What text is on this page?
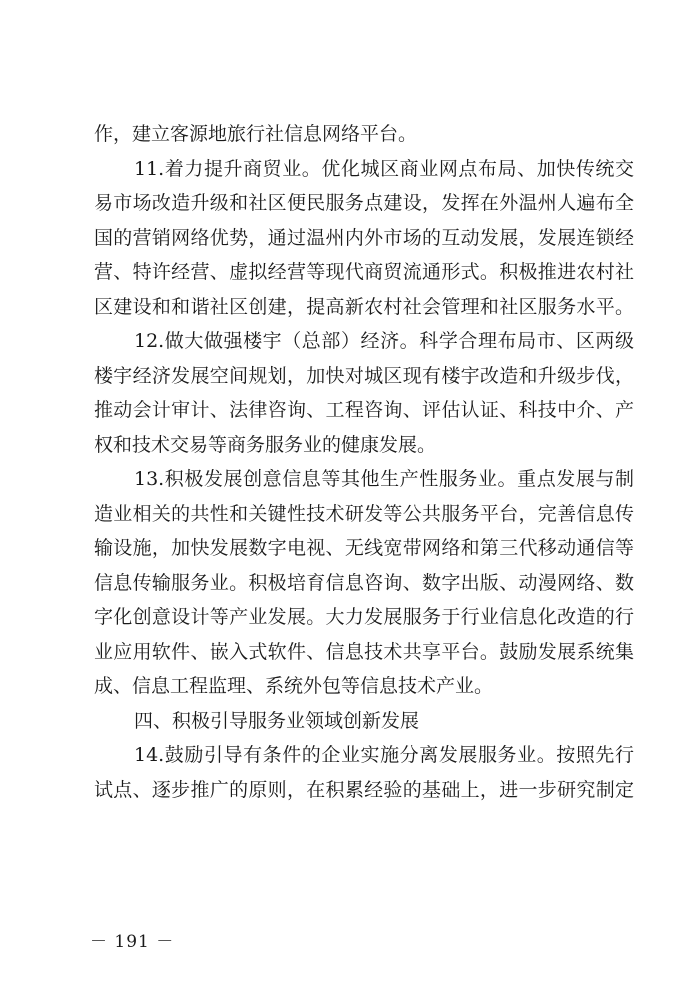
作，建立客源地旅行社信息网络平台。
11.着力提升商贸业。优化城区商业网点布局、加快传统交
易市场改造升级和社区便民服务点建设，发挥在外温州人遍布全
国的营销网络优势，通过温州内外市场的互动发展，发展连锁经
营、特许经营、虚拟经营等现代商贸流通形式。积极推进农村社
区建设和和谐社区创建，提高新农村社会管理和社区服务水平。
12.做大做强楼宇（总部）经济。科学合理布局市、区两级
楼宇经济发展空间规划，加快对城区现有楼宇改造和升级步伐，
推动会计审计、法律咨询、工程咨询、评估认证、科技中介、产
权和技术交易等商务服务业的健康发展。
13.积极发展创意信息等其他生产性服务业。重点发展与制
造业相关的共性和关键性技术研发等公共服务平台，完善信息传
输设施，加快发展数字电视、无线宽带网络和第三代移动通信等
信息传输服务业。积极培育信息咨询、数字出版、动漫网络、数
字化创意设计等产业发展。大力发展服务于行业信息化改造的行
业应用软件、嵌入式软件、信息技术共享平台。鼓励发展系统集
成、信息工程监理、系统外包等信息技术产业。
四、积极引导服务业领域创新发展
14.鼓励引导有条件的企业实施分离发展服务业。按照先行
试点、逐步推广的原则，在积累经验的基础上，进一步研究制定
－ 191 －
